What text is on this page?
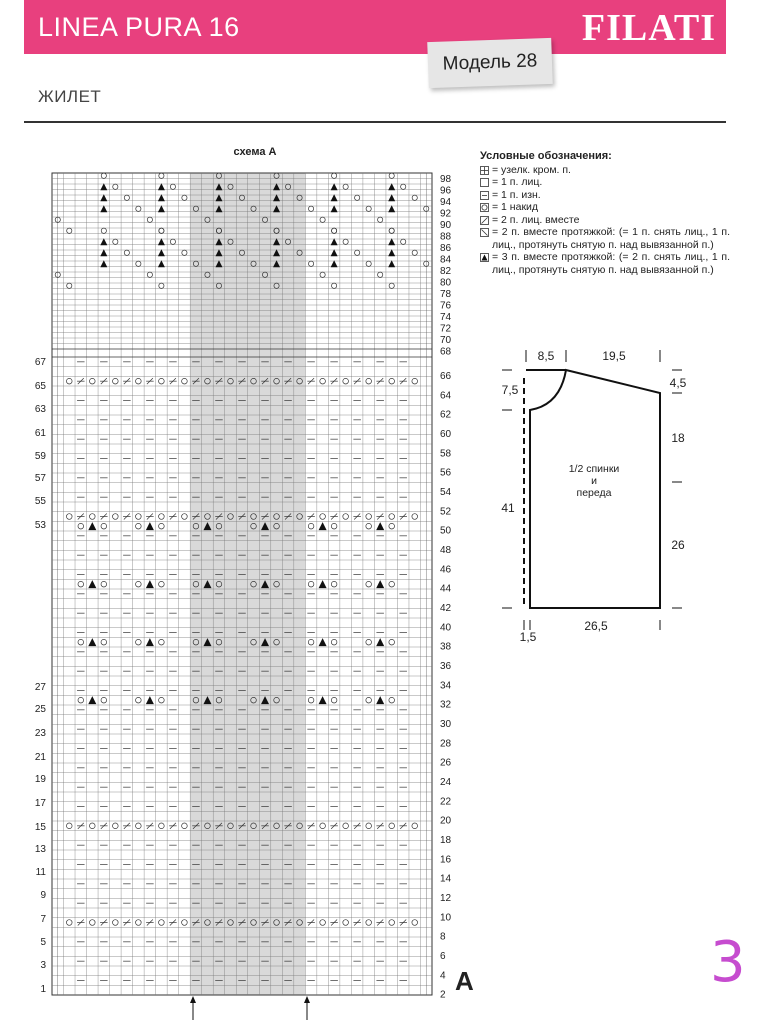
LINEA PURA 16	FILATI
Модель 28
ЖИЛЕТ
схема А
98
96
94
92
90
88
86
84
82
80
78
76
74
72
70
68
66
64
62
60
58
56
54
52
50
48
46
44
42
40
38
36
34
32
30
28
26
24
22
20
18
16
14
12
10
8
6
4
2
67
65
63
61
59
57
55
53
27
25
23
21
19
17
15
13
11
9
7
5
3
1
Условные обозначения:
= узелк. кром. п.
= 1 п. лиц.
= 1 п. изн.
= 1 накид
= 2 п. лиц. вместе
= 2 п. вместе протяжкой: (= 1 п. снять лиц., 1 п. лиц., протянуть снятую п. над вывязанной п.)
= 3 п. вместе протяжкой: (= 2 п. снять лиц., 1 п. лиц., протянуть снятую п. над вывязанной п.)
8,5	19,5
7,5	4,5
18
41
26
1,5
26,5
1/2 спинки
и
переда
A	3
